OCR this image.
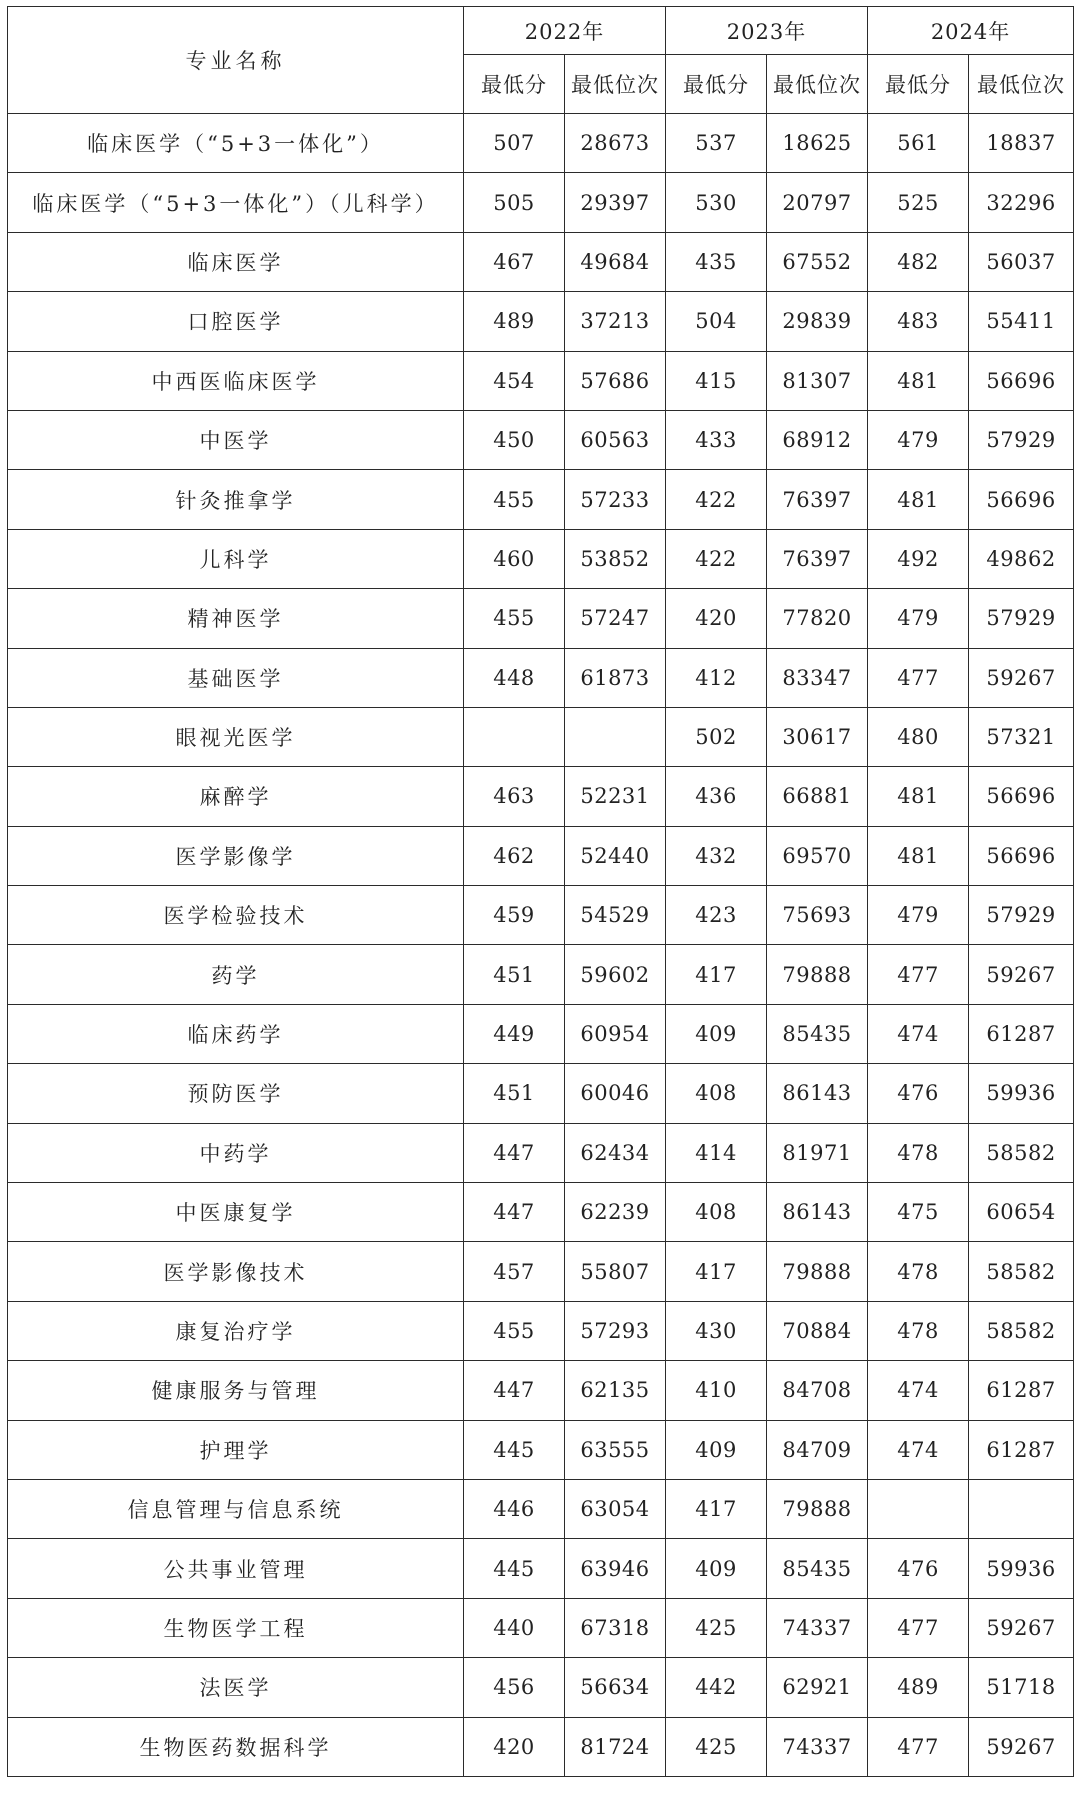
专业名称	2022年		2023年		2024年	
	最低分	最低位次	最低分	最低位次	最低分	最低位次
临床医学（“5+3一体化”）	507	28673	537	18625	561	18837
临床医学（“5+3一体化”）（儿科学）	505	29397	530	20797	525	32296
临床医学	467	49684	435	67552	482	56037
口腔医学	489	37213	504	29839	483	55411
中西医临床医学	454	57686	415	81307	481	56696
中医学	450	60563	433	68912	479	57929
针灸推拿学	455	57233	422	76397	481	56696
儿科学	460	53852	422	76397	492	49862
精神医学	455	57247	420	77820	479	57929
基础医学	448	61873	412	83347	477	59267
眼视光医学			502	30617	480	57321
麻醉学	463	52231	436	66881	481	56696
医学影像学	462	52440	432	69570	481	56696
医学检验技术	459	54529	423	75693	479	57929
药学	451	59602	417	79888	477	59267
临床药学	449	60954	409	85435	474	61287
预防医学	451	60046	408	86143	476	59936
中药学	447	62434	414	81971	478	58582
中医康复学	447	62239	408	86143	475	60654
医学影像技术	457	55807	417	79888	478	58582
康复治疗学	455	57293	430	70884	478	58582
健康服务与管理	447	62135	410	84708	474	61287
护理学	445	63555	409	84709	474	61287
信息管理与信息系统	446	63054	417	79888		
公共事业管理	445	63946	409	85435	476	59936
生物医学工程	440	67318	425	74337	477	59267
法医学	456	56634	442	62921	489	51718
生物医药数据科学	420	81724	425	74337	477	59267
